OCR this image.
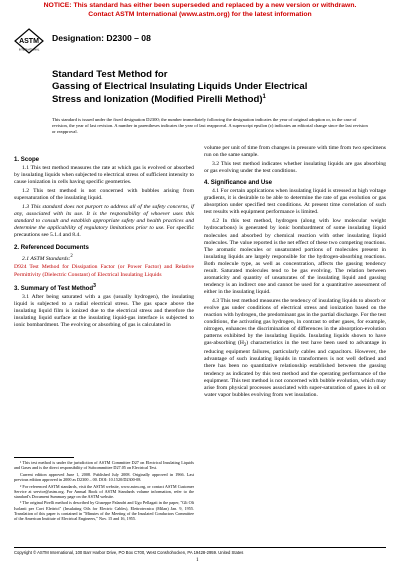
NOTICE: This standard has either been superseded and replaced by a new version or withdrawn.
Contact ASTM International (www.astm.org) for the latest information
ASTM
INTERNATIONAL
Designation: D2300 – 08
Standard Test Method for
Gassing of Electrical Insulating Liquids Under Electrical
Stress and Ionization (Modified Pirelli Method)$^1$
This standard is issued under the fixed designation D2300; the number immediately following the designation indicates the year of original adoption or, in the case of revision, the year of last revision. A number in parentheses indicates the year of last reapproval. A superscript epsilon (ε) indicates an editorial change since the last revision or reapproval.
1. Scope

1.1 This test method measures the rate at which gas is evolved or absorbed by insulating liquids when subjected to electrical stress of sufficient intensity to cause ionization in cells having specific geometries.

1.2 This test method is not concerned with bubbles arising from supersaturation of the insulating liquid.

1.3 This standard does not purport to address all of the safety concerns, if any, associated with its use. It is the responsibility of whoever uses this standard to consult and establish appropriate safety and health practices and determine the applicability of regulatory limitations prior to use. For specific precautions see 5.1.4 and 8.4.

2. Referenced Documents

2.1 ASTM Standards:$^2$

D924 Test Method for Dissipation Factor (or Power Factor) and Relative Permittivity (Dielectric Constant) of Electrical Insulating Liquids

3. Summary of Test Method$^3$

3.1 After being saturated with a gas (usually hydrogen), the insulating liquid is subjected to a radial electrical stress. The gas space above the insulating liquid film is ionized due to the electrical stress and therefore the insulating liquid surface at the insulating liquid-gas interface is subjected to ionic bombardment. The evolving or absorbing of gas is calculated in

¹ This test method is under the jurisdiction of ASTM Committee D27 on Electrical Insulating Liquids and Gases and is the direct responsibility of Subcommittee D27.05 on Electrical Test.

Current edition approved June 1, 2008. Published July 2008. Originally approved in 1966. Last previous edition approved in 2000 as D2300 – 00. DOI: 10.1520/D2300-08.

² For referenced ASTM standards, visit the ASTM website, www.astm.org, or contact ASTM Customer Service at service@astm.org. For Annual Book of ASTM Standards volume information, refer to the standard's Document Summary page on the ASTM website.

³ The original Pirelli method is described by Giuseppe Palandri and Ugo Pellagati in the paper, "Gli Oli Isolanti per Cavi Elettrici" (Insulating Oils for Electric Cables), Elettrotecnica (Milan) Jan. 9, 1955. Translation of this paper is contained in "Minutes of the Meeting of the Insulated Conductors Committee of the American Institute of Electrical Engineers," Nov. 15 and 16, 1955.

volume per unit of time from changes in pressure with time from two specimens run on the same sample.

3.2 This test method indicates whether insulating liquids are gas absorbing or gas evolving under the test conditions.

4. Significance and Use

4.1 For certain applications when insulating liquid is stressed at high voltage gradients, it is desirable to be able to determine the rate of gas evolution or gas absorption under specified test conditions. At present time correlation of such test results with equipment performance is limited.

4.2 In this test method, hydrogen (along with low molecular weight hydrocarbons) is generated by ionic bombardment of some insulating liquid molecules and absorbed by chemical reaction with other insulating liquid molecules. The value reported is the net effect of these two competing reactions. The aromatic molecules or unsaturated portions of molecules present in insulating liquids are largely responsible for the hydrogen-absorbing reactions. Both molecule type, as well as concentration, affects the gassing tendency result. Saturated molecules tend to be gas evolving. The relation between aromaticity and quantity of unsaturates of the insulating liquid and gassing tendency is an indirect one and cannot be used for a quantitative assessment of either in the insulating liquid.

4.3 This test method measures the tendency of insulating liquids to absorb or evolve gas under conditions of electrical stress and ionization based on the reaction with hydrogen, the predominant gas in the partial discharge. For the test conditions, the activating gas hydrogen, in contrast to other gases, for example, nitrogen, enhances the discrimination of differences in the absorption-evolution patterns exhibited by the insulating liquids. Insulating liquids shown to have gas-absorbing $(H_2)$ characteristics in the test have been used to advantage in reducing equipment failures, particularly cables and capacitors. However, the advantage of such insulating liquids in transformers is not well defined and there has been no quantitative relationship established between the gassing tendency as indicated by this test method and the operating performance of the equipment. This test method is not concerned with bubble evolution, which may arise from physical processes associated with super-saturation of gases in oil or water vapor bubbles evolving from wet insulation.

Copyright © ASTM International, 100 Barr Harbor Drive, PO Box C700, West Conshohocken, PA 19428-2959. United States
1
